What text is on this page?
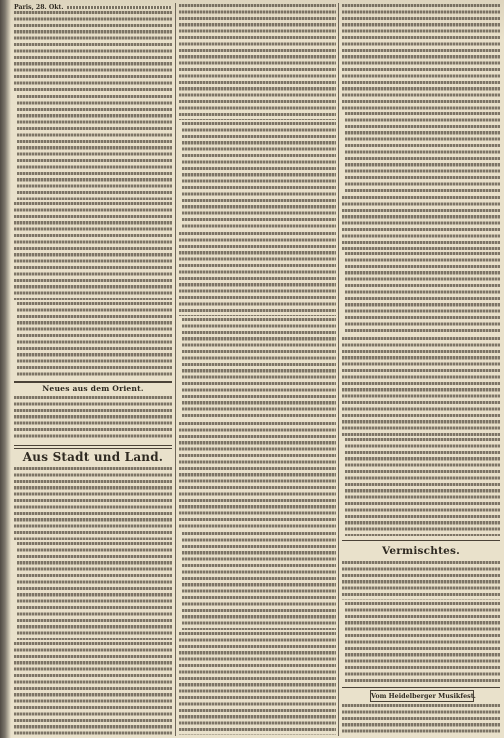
Paris, 28. Okt.
Neues aus dem Orient.
Aus Stadt und Land.
Vermischtes.
Vom Heidelberger Musikfest.
